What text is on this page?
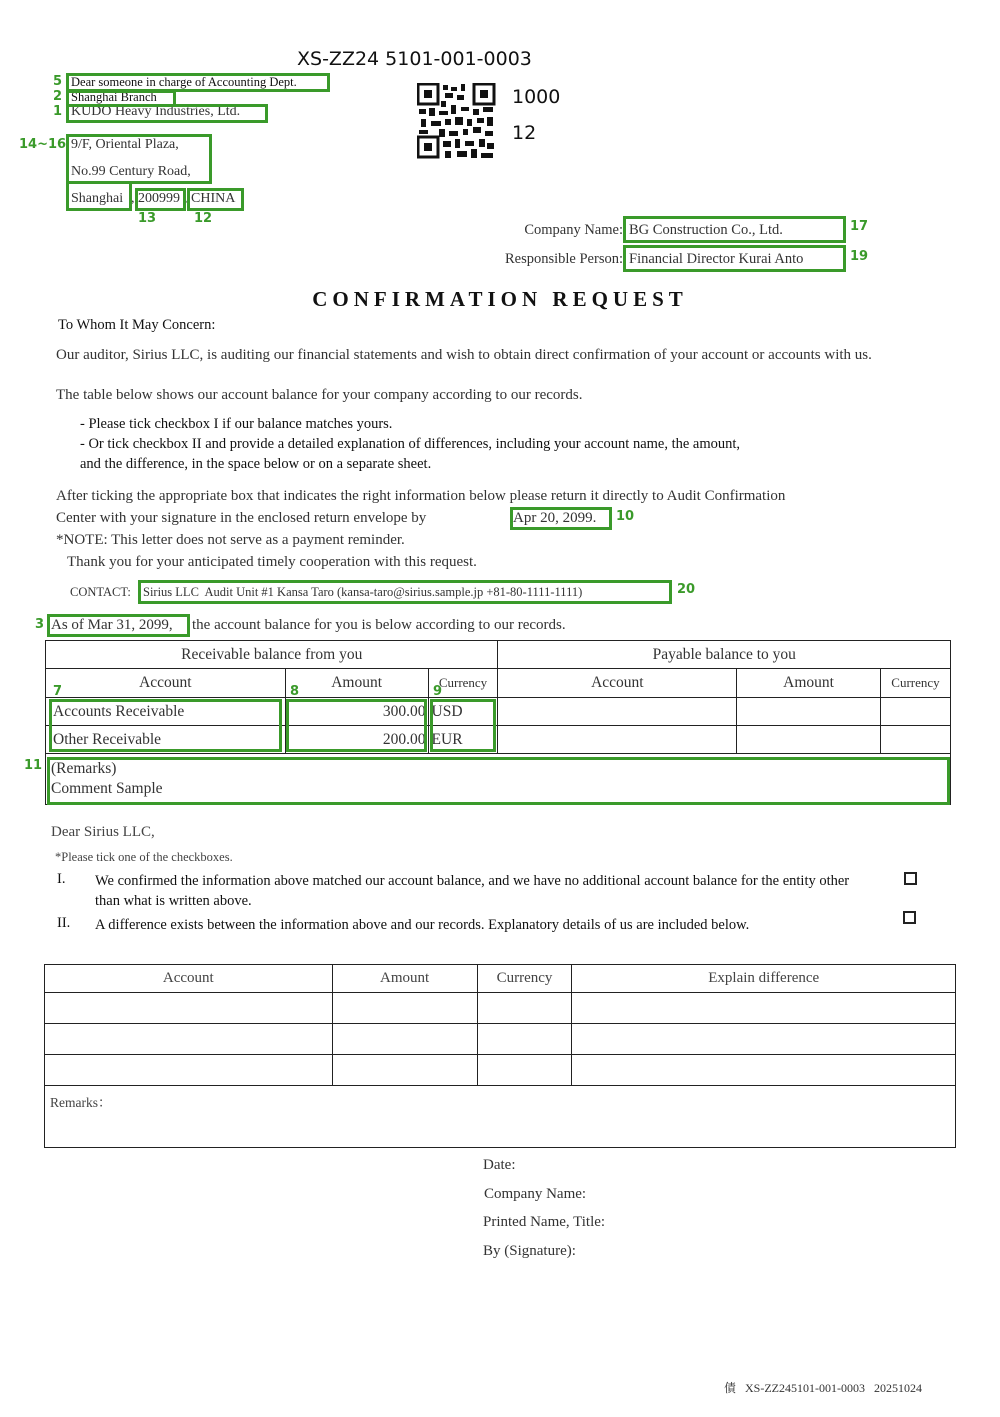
XS-ZZ24 5101-001-0003
1000
12
Dear someone in charge of Accounting Dept.
5
Shanghai Branch
2
KUDO Heavy Industries, Ltd.
1
9/F, Oriental Plaza,
No.99 Century Road,
Shanghai , 200999 , CHINA
14~16
13	12
Company Name: BG Construction Co., Ltd.	17
Responsible Person: Financial Director Kurai Anto	19
CONFIRMATION REQUEST
To Whom It May Concern:
Our auditor, Sirius LLC, is auditing our financial statements and wish to obtain direct confirmation of your account or accounts with us.
The table below shows our account balance for your company according to our records.
- Please tick checkbox I if our balance matches yours.
- Or tick checkbox II and provide a detailed explanation of differences, including your account name, the amount,
and the difference, in the space below or on a separate sheet.
After ticking the appropriate box that indicates the right information below please return it directly to Audit Confirmation
Center with your signature in the enclosed return envelope by	Apr 20, 2099. 10
*NOTE: This letter does not serve as a payment reminder.
Thank you for your anticipated timely cooperation with this request.
CONTACT: Sirius LLC  Audit Unit #1 Kansa Taro (kansa-taro@sirius.sample.jp +81-80-1111-1111)	20
As of Mar 31, 2099, the account balance for you is below according to our records.
3
Receivable balance from you			Payable balance to you		
Account	Amount	Currency	Account	Amount	Currency
Accounts Receivable	300.00	USD			
Other Receivable	200.00	EUR			

(Remarks)
Comment Sample					
7	8	9
11
Dear Sirius LLC,
*Please tick one of the checkboxes.
I. We confirmed the information above matched our account balance, and we have no additional account balance for the entity other than what is written above.
II. A difference exists between the information above and our records. Explanatory details of us are included below.
Account	Amount	Currency	Explain difference

Remarks：			
Date:
Company Name:
Printed Name, Title:
By (Signature):
債 XS-ZZ245101-001-0003 20251024
